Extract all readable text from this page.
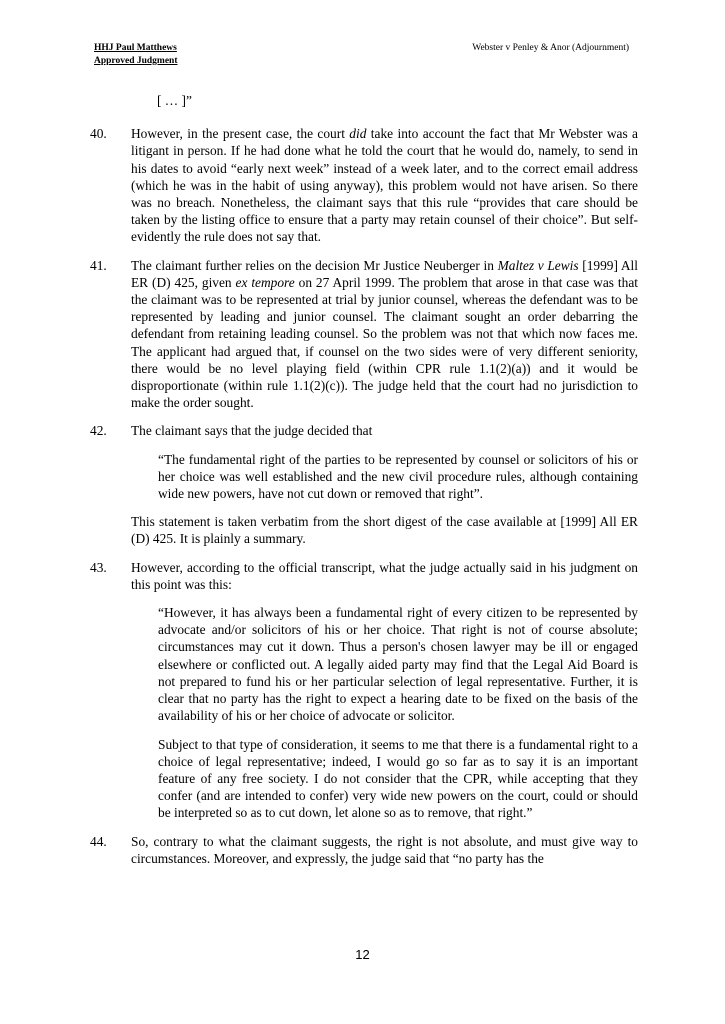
HHJ Paul Matthews
Approved Judgment
Webster v Penley & Anor (Adjournment)
[ … ]”
40. However, in the present case, the court did take into account the fact that Mr Webster was a litigant in person. If he had done what he told the court that he would do, namely, to send in his dates to avoid “early next week” instead of a week later, and to the correct email address (which he was in the habit of using anyway), this problem would not have arisen. So there was no breach. Nonetheless, the claimant says that this rule “provides that care should be taken by the listing office to ensure that a party may retain counsel of their choice”. But self-evidently the rule does not say that.

41. The claimant further relies on the decision Mr Justice Neuberger in Maltez v Lewis [1999] All ER (D) 425, given ex tempore on 27 April 1999. The problem that arose in that case was that the claimant was to be represented at trial by junior counsel, whereas the defendant was to be represented by leading and junior counsel. The claimant sought an order debarring the defendant from retaining leading counsel. So the problem was not that which now faces me. The applicant had argued that, if counsel on the two sides were of very different seniority, there would be no level playing field (within CPR rule 1.1(2)(a)) and it would be disproportionate (within rule 1.1(2)(c)). The judge held that the court had no jurisdiction to make the order sought.

42. The claimant says that the judge decided that

“The fundamental right of the parties to be represented by counsel or solicitors of his or her choice was well established and the new civil procedure rules, although containing wide new powers, have not cut down or removed that right”.

This statement is taken verbatim from the short digest of the case available at [1999] All ER (D) 425. It is plainly a summary.

43. However, according to the official transcript, what the judge actually said in his judgment on this point was this:

“However, it has always been a fundamental right of every citizen to be represented by advocate and/or solicitors of his or her choice. That right is not of course absolute; circumstances may cut it down. Thus a person's chosen lawyer may be ill or engaged elsewhere or conflicted out. A legally aided party may find that the Legal Aid Board is not prepared to fund his or her particular selection of legal representative. Further, it is clear that no party has the right to expect a hearing date to be fixed on the basis of the availability of his or her choice of advocate or solicitor.

Subject to that type of consideration, it seems to me that there is a fundamental right to a choice of legal representative; indeed, I would go so far as to say it is an important feature of any free society. I do not consider that the CPR, while accepting that they confer (and are intended to confer) very wide new powers on the court, could or should be interpreted so as to cut down, let alone so as to remove, that right.”

44. So, contrary to what the claimant suggests, the right is not absolute, and must give way to circumstances. Moreover, and expressly, the judge said that “no party has the

12
